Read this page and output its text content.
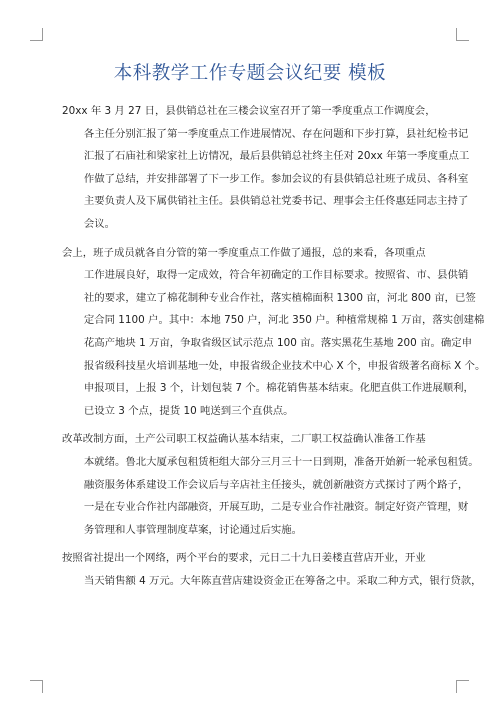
本科教学工作专题会议纪要 模板

20xx 年 3 月 27 日，县供销总社在三楼会议室召开了第一季度重点工作调度会，
各主任分别汇报了第一季度重点工作进展情况、存在问题和下步打算，县社纪检书记
汇报了石庙社和梁家社上访情况，最后县供销总社终主任对 20xx 年第一季度重点工
作做了总结，并安排部署了下一步工作。参加会议的有县供销总社班子成员、各科室
主要负责人及下属供销社主任。县供销总社党委书记、理事会主任佟惠廷同志主持了
会议。

会上，班子成员就各自分管的第一季度重点工作做了通报，总的来看，各项重点
工作进展良好，取得一定成效，符合年初确定的工作目标要求。按照省、市、县供销
社的要求，建立了棉花制种专业合作社，落实植棉面积 1300 亩，河北 800 亩，已签
定合同 1100 户。其中：本地 750 户，河北 350 户。种植常规棉 1 万亩，落实创建棉
花高产地块 1 万亩，争取省级区试示范点 100 亩。落实黑花生基地 200 亩。确定申
报省级科技星火培训基地一处，申报省级企业技术中心 X 个，申报省级著名商标 X 个。
申报项目，上报 3 个，计划包装 7 个。棉花销售基本结束。化肥直供工作进展顺利，
已设立 3 个点，提货 10 吨送到三个直供点。

改革改制方面，土产公司职工权益确认基本结束，二厂职工权益确认准备工作基
本就绪。鲁北大厦承包租赁柜组大部分三月三十一日到期，准备开始新一轮承包租赁。
融资服务体系建设工作会议后与辛店社主任接头，就创新融资方式探讨了两个路子，
一是在专业合作社内部融资，开展互助，二是专业合作社融资。制定好资产管理，财
务管理和人事管理制度草案，讨论通过后实施。

按照省社提出一个网络，两个平台的要求，元日二十九日姜楼直营店开业，开业
当天销售额 4 万元。大年陈直营店建设资金正在筹备之中。采取二种方式，银行贷款，
